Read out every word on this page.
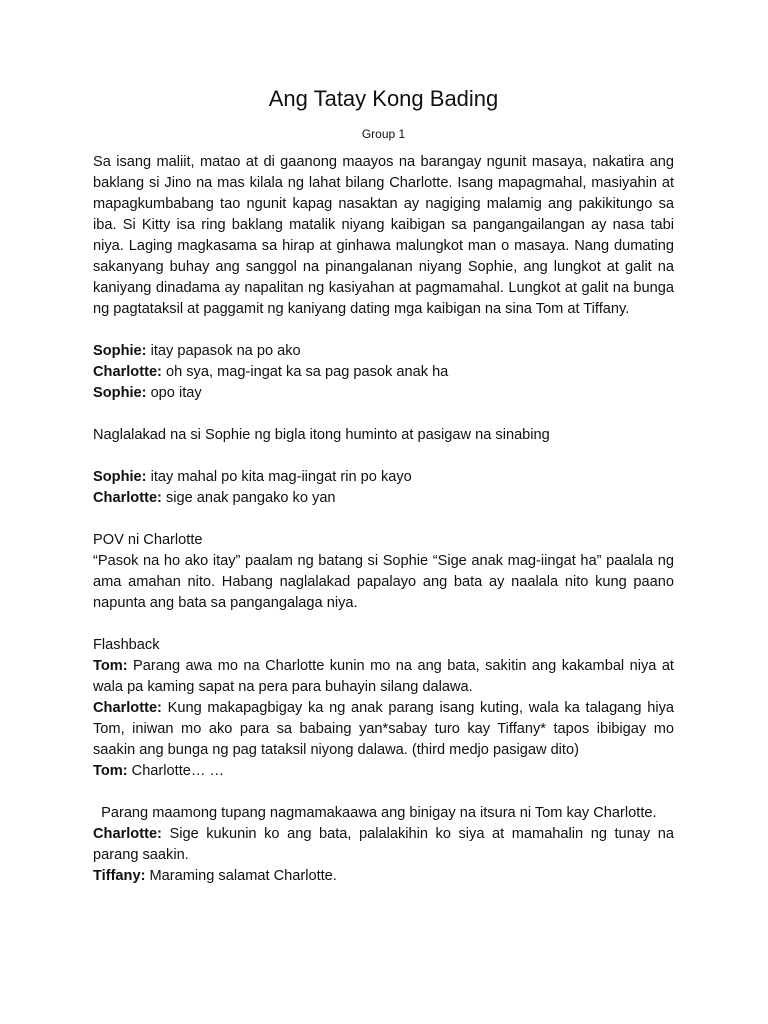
Ang Tatay Kong Bading
Group 1

Sa isang maliit, matao at di gaanong maayos na barangay ngunit masaya, nakatira ang baklang si Jino na mas kilala ng lahat bilang Charlotte. Isang mapagmahal, masiyahin at mapagkumbabang tao ngunit kapag nasaktan ay nagiging malamig ang pakikitungo sa iba. Si Kitty isa ring baklang matalik niyang kaibigan sa pangangailangan ay nasa tabi niya. Laging magkasama sa hirap at ginhawa malungkot man o masaya. Nang dumating sakanyang buhay ang sanggol na pinangalanan niyang Sophie, ang lungkot at galit na kaniyang dinadama ay napalitan ng kasiyahan at pagmamahal. Lungkot at galit na bunga ng pagtataksil at paggamit ng kaniyang dating mga kaibigan na sina Tom at Tiffany.

Sophie: itay papasok na po ako

Charlotte: oh sya, mag-ingat ka sa pag pasok anak ha

Sophie: opo itay

Naglalakad na si Sophie ng bigla itong huminto at pasigaw na sinabing

Sophie: itay mahal po kita mag-iingat rin po kayo

Charlotte: sige anak pangako ko yan

POV ni Charlotte

“Pasok na ho ako itay” paalam ng batang si Sophie “Sige anak mag-iingat ha” paalala ng ama amahan nito. Habang naglalakad papalayo ang bata ay naalala nito kung paano napunta ang bata sa pangangalaga niya.

Flashback

Tom: Parang awa mo na Charlotte kunin mo na ang bata, sakitin ang kakambal niya at wala pa kaming sapat na pera para buhayin silang dalawa.

Charlotte: Kung makapagbigay ka ng anak parang isang kuting, wala ka talagang hiya Tom, iniwan mo ako para sa babaing yan*sabay turo kay Tiffany* tapos ibibigay mo saakin ang bunga ng pag tataksil niyong dalawa. (third medjo pasigaw dito)

Tom: Charlotte… …

Parang maamong tupang nagmamakaawa ang binigay na itsura ni Tom kay Charlotte.

Charlotte: Sige kukunin ko ang bata, palalakihin ko siya at mamahalin ng tunay na parang saakin.

Tiffany: Maraming salamat Charlotte.
